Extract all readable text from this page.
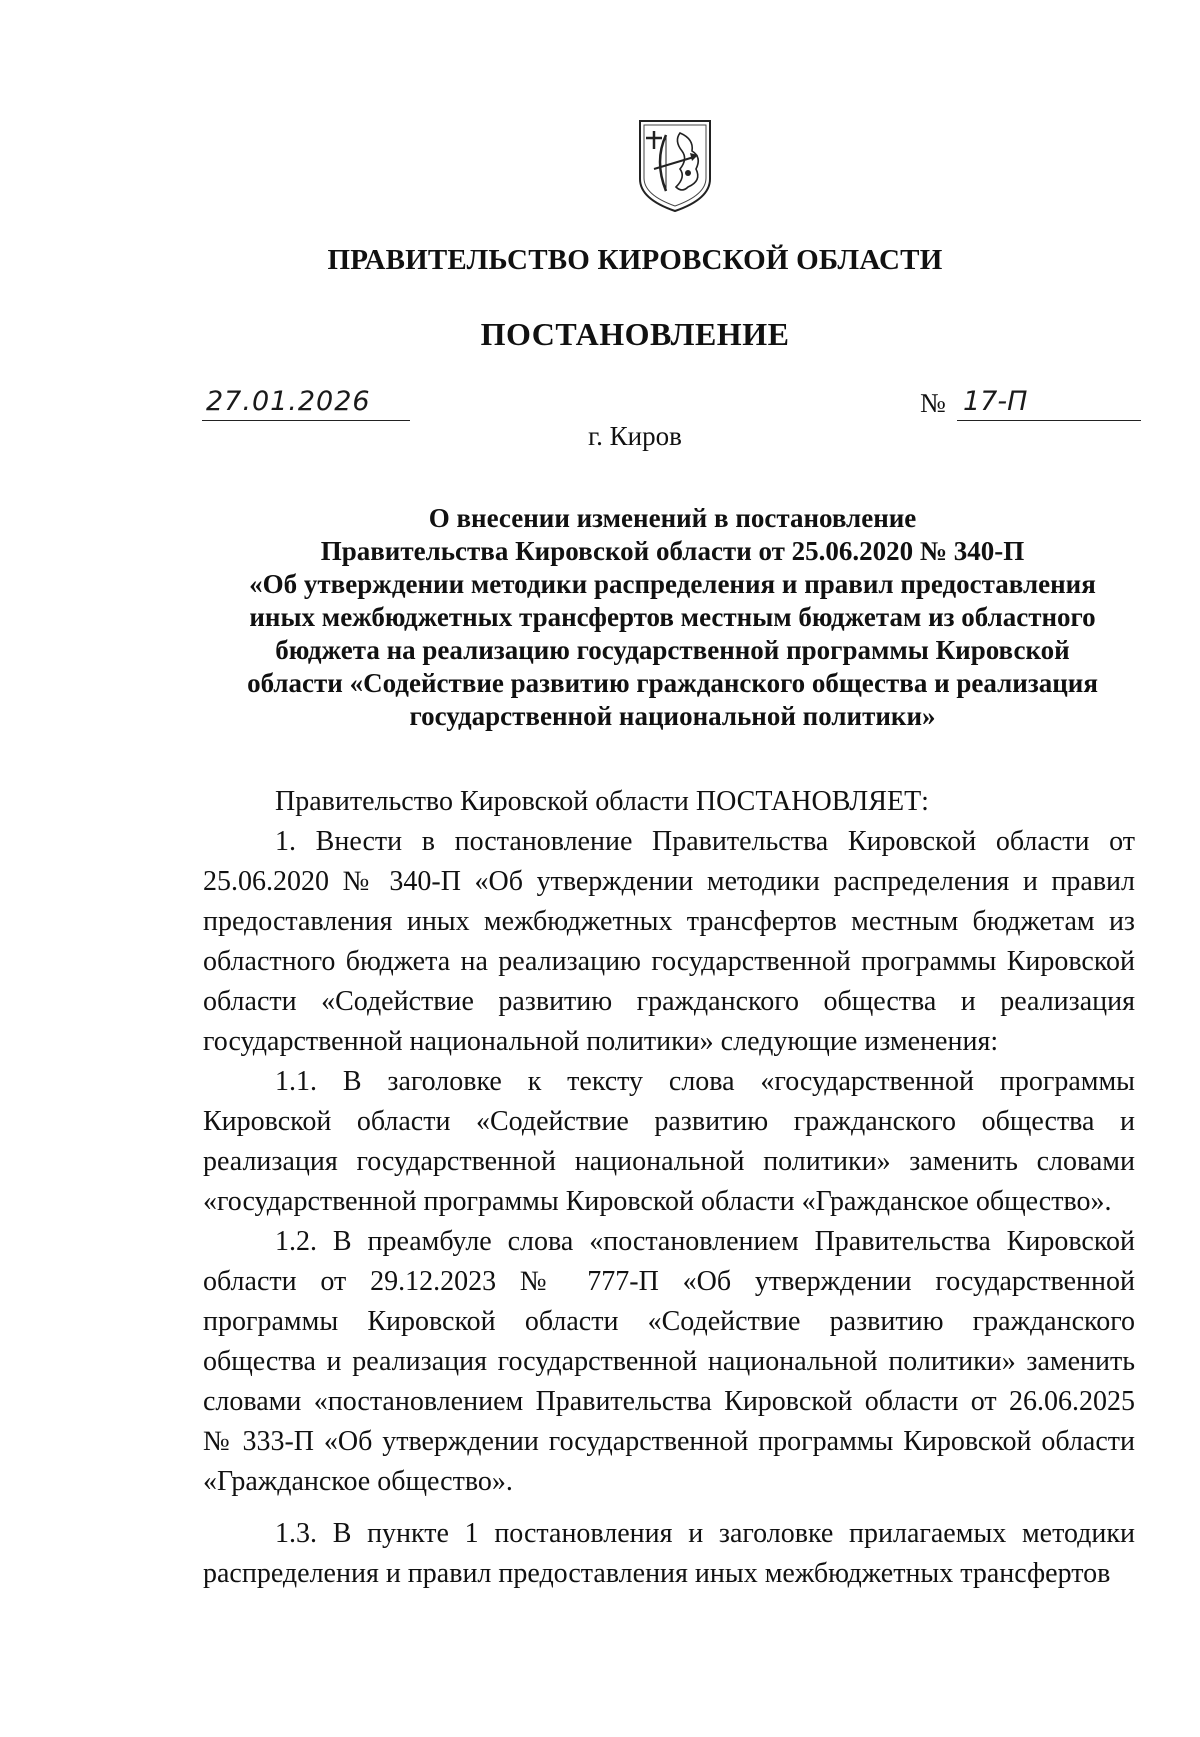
ПРАВИТЕЛЬСТВО КИРОВСКОЙ ОБЛАСТИ
ПОСТАНОВЛЕНИЕ
27.01.2026	№ 17-П
г. Киров
О внесении изменений в постановление
Правительства Кировской области от 25.06.2020 № 340-П
«Об утверждении методики распределения и правил предоставления
иных межбюджетных трансфертов местным бюджетам из областного
бюджета на реализацию государственной программы Кировской
области «Содействие развитию гражданского общества и реализация
государственной национальной политики»

Правительство Кировской области ПОСТАНОВЛЯЕТ:

1. Внести в постановление Правительства Кировской области от 25.06.2020 № 340-П «Об утверждении методики распределения и правил предоставления иных межбюджетных трансфертов местным бюджетам из областного бюджета на реализацию государственной программы Кировской области «Содействие развитию гражданского общества и реализация государственной национальной политики» следующие изменения:

1.1. В заголовке к тексту слова «государственной программы Кировской области «Содействие развитию гражданского общества и реализация государственной национальной политики» заменить словами «государственной программы Кировской области «Гражданское общество».

1.2. В преамбуле слова «постановлением Правительства Кировской области от 29.12.2023 № 777-П «Об утверждении государственной программы Кировской области «Содействие развитию гражданского общества и реализация государственной национальной политики» заменить словами «постановлением Правительства Кировской области от 26.06.2025 № 333-П «Об утверждении государственной программы Кировской области «Гражданское общество».

1.3. В пункте 1 постановления и заголовке прилагаемых методики распределения и правил предоставления иных межбюджетных трансфертов
